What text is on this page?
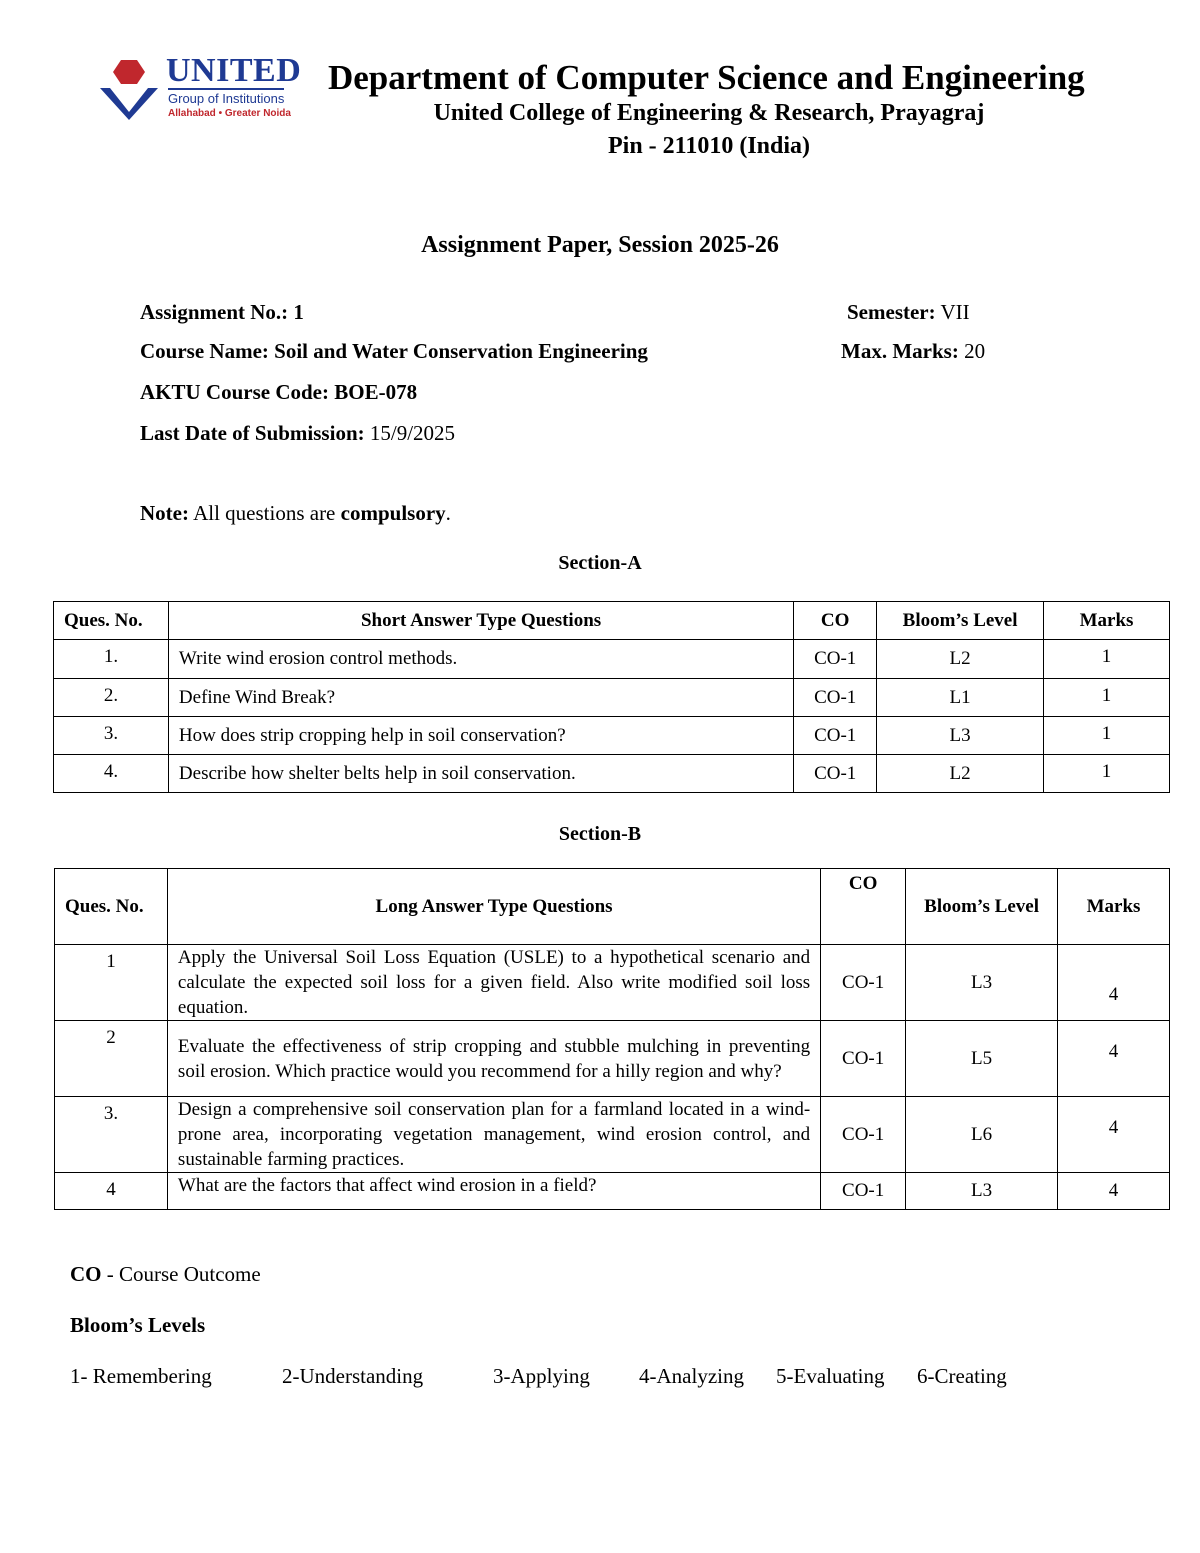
UNITED
Group of Institutions
Allahabad • Greater Noida
Department of Computer Science and Engineering
United College of Engineering & Research, Prayagraj
Pin - 211010 (India)
Assignment Paper, Session 2025-26
Assignment No.: 1	Semester: VII
Course Name: Soil and Water Conservation Engineering	Max. Marks: 20
AKTU Course Code: BOE-078
Last Date of Submission: 15/9/2025
Note: All questions are compulsory.
Section-A
Ques. No.	Short Answer Type Questions	CO	Bloom’s Level	Marks
1.	Write wind erosion control methods.	CO-1	L2	1
2.	Define Wind Break?	CO-1	L1	1
3.	How does strip cropping help in soil conservation?	CO-1	L3	1
4.	Describe how shelter belts help in soil conservation.	CO-1	L2	1
Section-B
Ques. No.	Long Answer Type Questions	CO	Bloom’s Level	Marks
1	Apply the Universal Soil Loss Equation (USLE) to a hypothetical scenario and calculate the expected soil loss for a given field. Also write modified soil loss equation.	CO-1	L3	4
2	Evaluate the effectiveness of strip cropping and stubble mulching in preventing soil erosion. Which practice would you recommend for a hilly region and why?	CO-1	L5	4
3.	Design a comprehensive soil conservation plan for a farmland located in a wind-prone area, incorporating vegetation management, wind erosion control, and sustainable farming practices.	CO-1	L6	4
4	What are the factors that affect wind erosion in a field?	CO-1	L3	4
CO - Course Outcome
Bloom’s Levels
1- Remembering	2-Understanding	3-Applying 4-Analyzing 5-Evaluating 6-Creating
